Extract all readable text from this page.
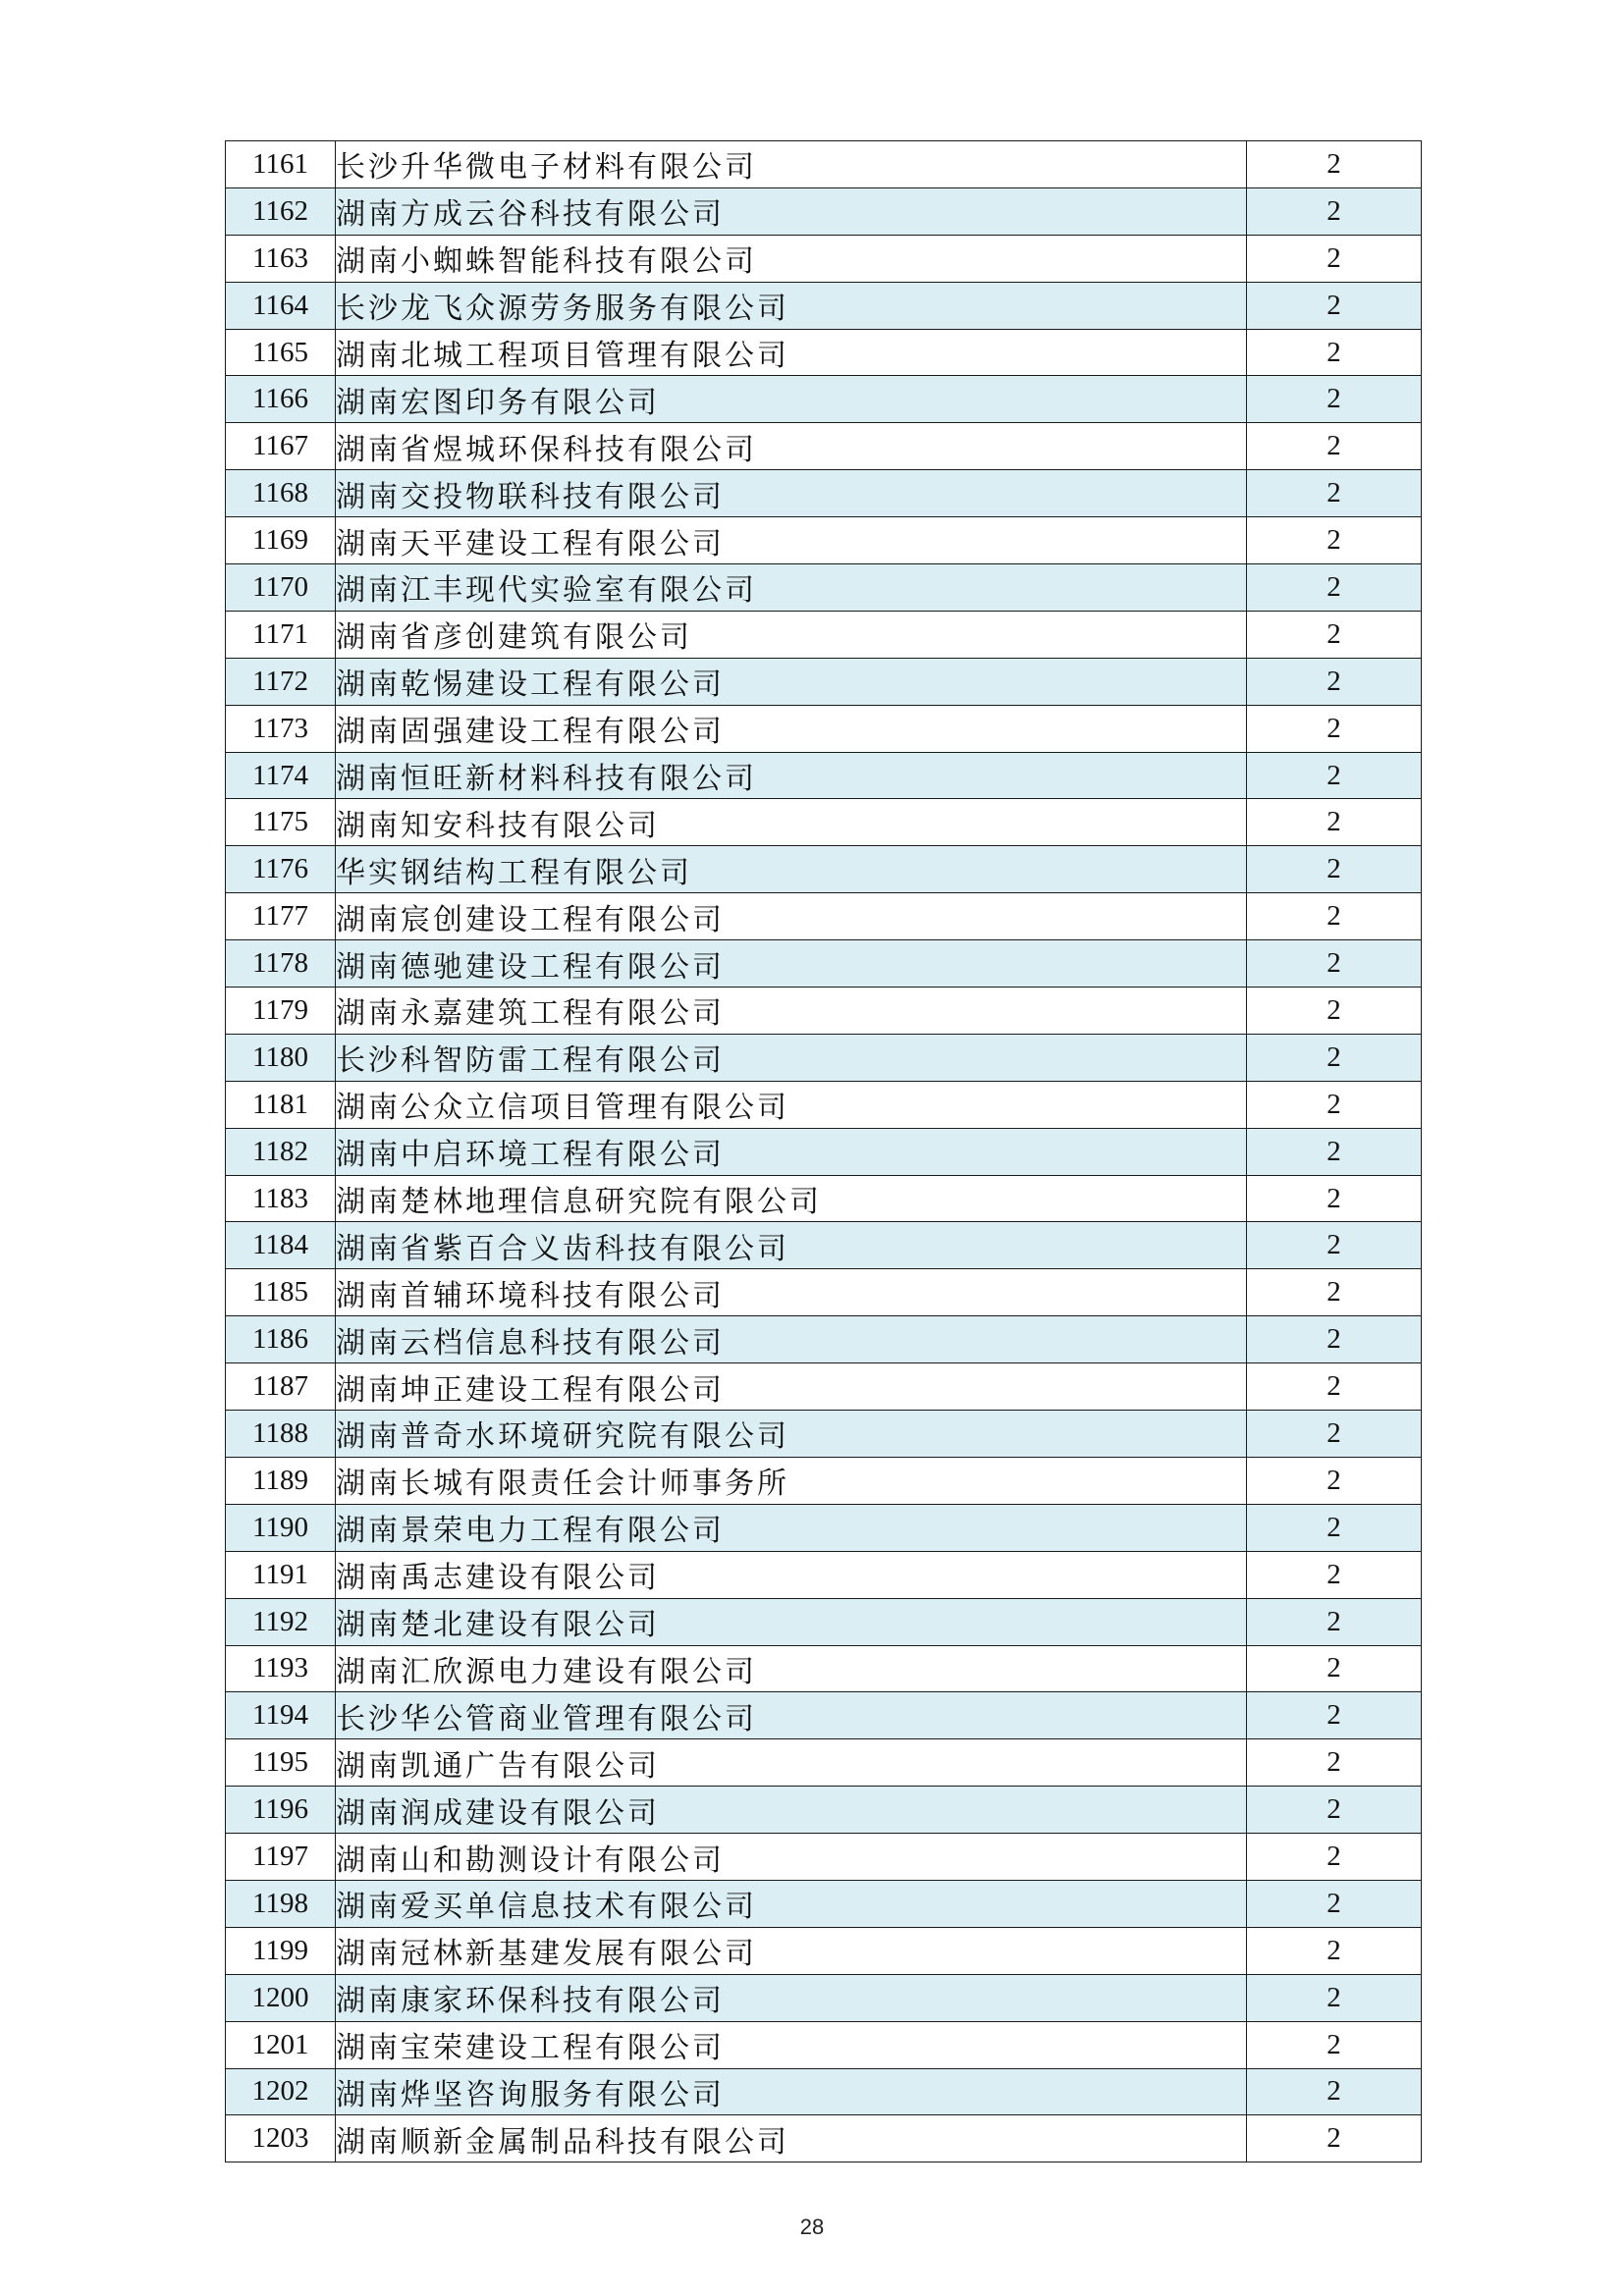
1161	长沙升华微电子材料有限公司	2
1162	湖南方成云谷科技有限公司	2
1163	湖南小蜘蛛智能科技有限公司	2
1164	长沙龙飞众源劳务服务有限公司	2
1165	湖南北城工程项目管理有限公司	2
1166	湖南宏图印务有限公司	2
1167	湖南省煜城环保科技有限公司	2
1168	湖南交投物联科技有限公司	2
1169	湖南天平建设工程有限公司	2
1170	湖南江丰现代实验室有限公司	2
1171	湖南省彦创建筑有限公司	2
1172	湖南乾惕建设工程有限公司	2
1173	湖南固强建设工程有限公司	2
1174	湖南恒旺新材料科技有限公司	2
1175	湖南知安科技有限公司	2
1176	华实钢结构工程有限公司	2
1177	湖南宸创建设工程有限公司	2
1178	湖南德驰建设工程有限公司	2
1179	湖南永嘉建筑工程有限公司	2
1180	长沙科智防雷工程有限公司	2
1181	湖南公众立信项目管理有限公司	2
1182	湖南中启环境工程有限公司	2
1183	湖南楚林地理信息研究院有限公司	2
1184	湖南省紫百合义齿科技有限公司	2
1185	湖南首辅环境科技有限公司	2
1186	湖南云档信息科技有限公司	2
1187	湖南坤正建设工程有限公司	2
1188	湖南普奇水环境研究院有限公司	2
1189	湖南长城有限责任会计师事务所	2
1190	湖南景荣电力工程有限公司	2
1191	湖南禹志建设有限公司	2
1192	湖南楚北建设有限公司	2
1193	湖南汇欣源电力建设有限公司	2
1194	长沙华公管商业管理有限公司	2
1195	湖南凯通广告有限公司	2
1196	湖南润成建设有限公司	2
1197	湖南山和勘测设计有限公司	2
1198	湖南爱买单信息技术有限公司	2
1199	湖南冠林新基建发展有限公司	2
1200	湖南康家环保科技有限公司	2
1201	湖南宝荣建设工程有限公司	2
1202	湖南烨坚咨询服务有限公司	2
1203	湖南顺新金属制品科技有限公司	2
28
